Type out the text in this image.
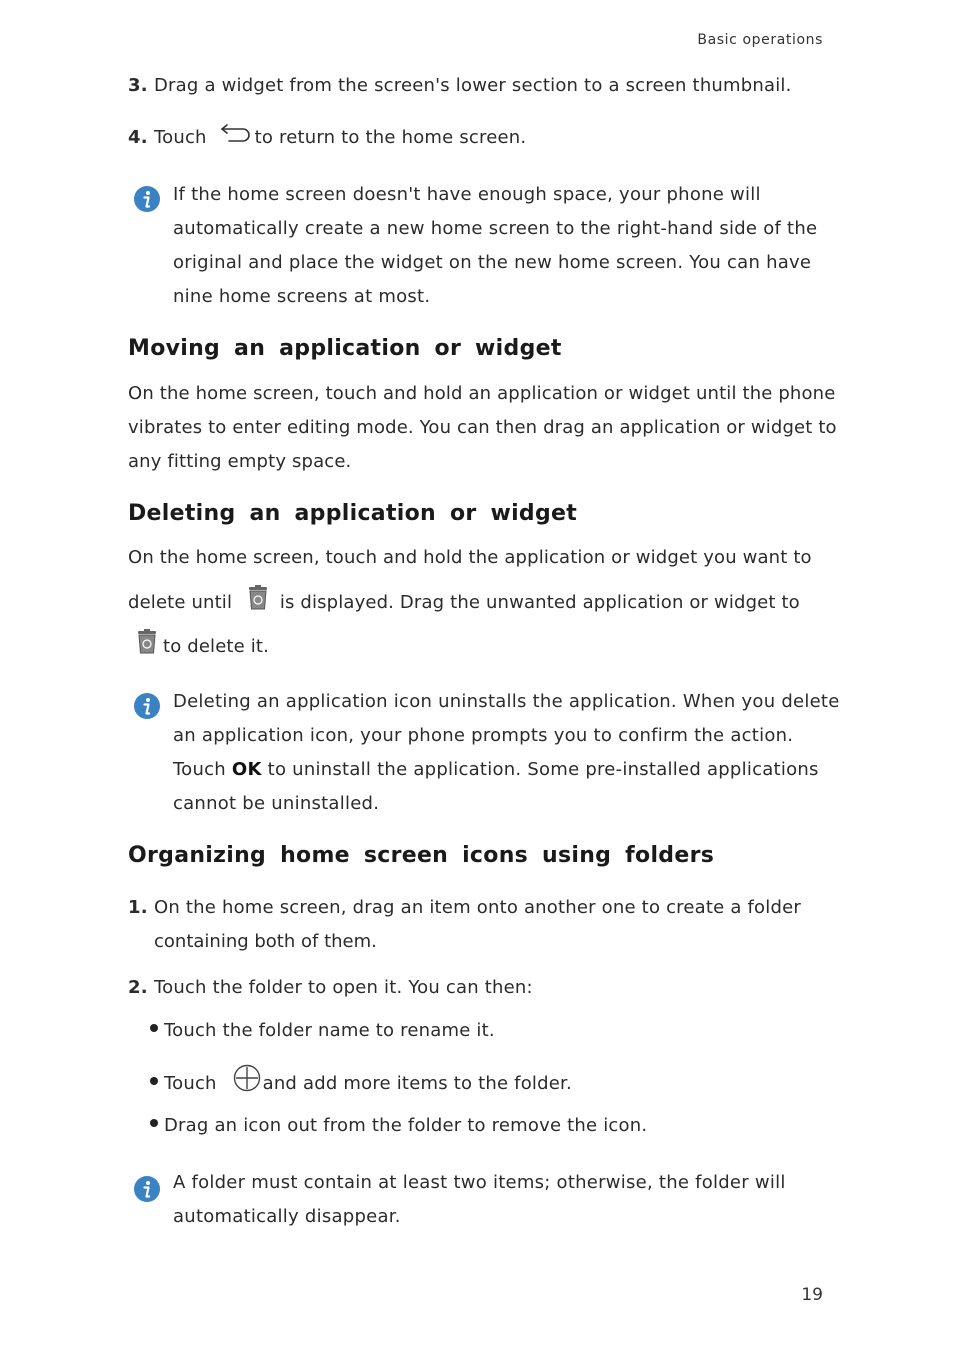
Basic operations
3. Drag a widget from the screen's lower section to a screen thumbnail.
4. Touch	to return to the home screen.
If the home screen doesn't have enough space, your phone will
automatically create a new home screen to the right-hand side of the
original and place the widget on the new home screen. You can have
nine home screens at most.
Moving an application or widget
On the home screen, touch and hold an application or widget until the phone
vibrates to enter editing mode. You can then drag an application or widget to
any fitting empty space.
Deleting an application or widget
On the home screen, touch and hold the application or widget you want to
delete until	is displayed. Drag the unwanted application or widget to
to delete it.
Deleting an application icon uninstalls the application. When you delete
an application icon, your phone prompts you to confirm the action.
Touch OK to uninstall the application. Some pre-installed applications
cannot be uninstalled.
Organizing home screen icons using folders
1. On the home screen, drag an item onto another one to create a folder
containing both of them.
2. Touch the folder to open it. You can then:
Touch the folder name to rename it.
Touch	and add more items to the folder.
Drag an icon out from the folder to remove the icon.
A folder must contain at least two items; otherwise, the folder will
automatically disappear.
19
